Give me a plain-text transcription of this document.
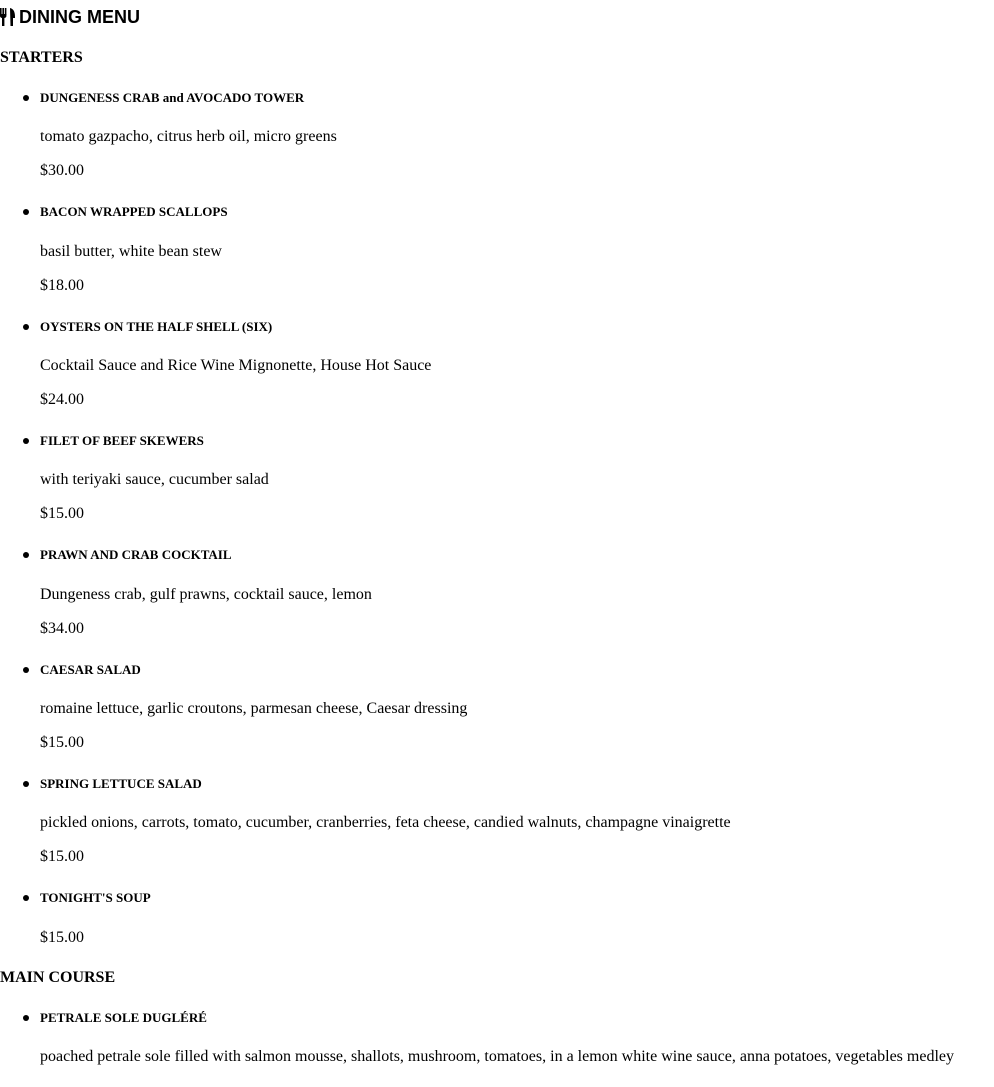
DINING MENU
STARTERS
DUNGENESS CRAB and AVOCADO TOWER
tomato gazpacho, citrus herb oil, micro greens
$30.00
BACON WRAPPED SCALLOPS
basil butter, white bean stew
$18.00
OYSTERS ON THE HALF SHELL (SIX)
Cocktail Sauce and Rice Wine Mignonette, House Hot Sauce
$24.00
FILET OF BEEF SKEWERS
with teriyaki sauce, cucumber salad
$15.00
PRAWN AND CRAB COCKTAIL
Dungeness crab, gulf prawns, cocktail sauce, lemon
$34.00
CAESAR SALAD
romaine lettuce, garlic croutons, parmesan cheese, Caesar dressing
$15.00
SPRING LETTUCE SALAD
pickled onions, carrots, tomato, cucumber, cranberries, feta cheese, candied walnuts, champagne vinaigrette
$15.00
TONIGHT'S SOUP
$15.00
MAIN COURSE
PETRALE SOLE DUGLÉRÉ
poached petrale sole filled with salmon mousse, shallots, mushroom, tomatoes, in a lemon white wine sauce, anna potatoes, vegetables medley
